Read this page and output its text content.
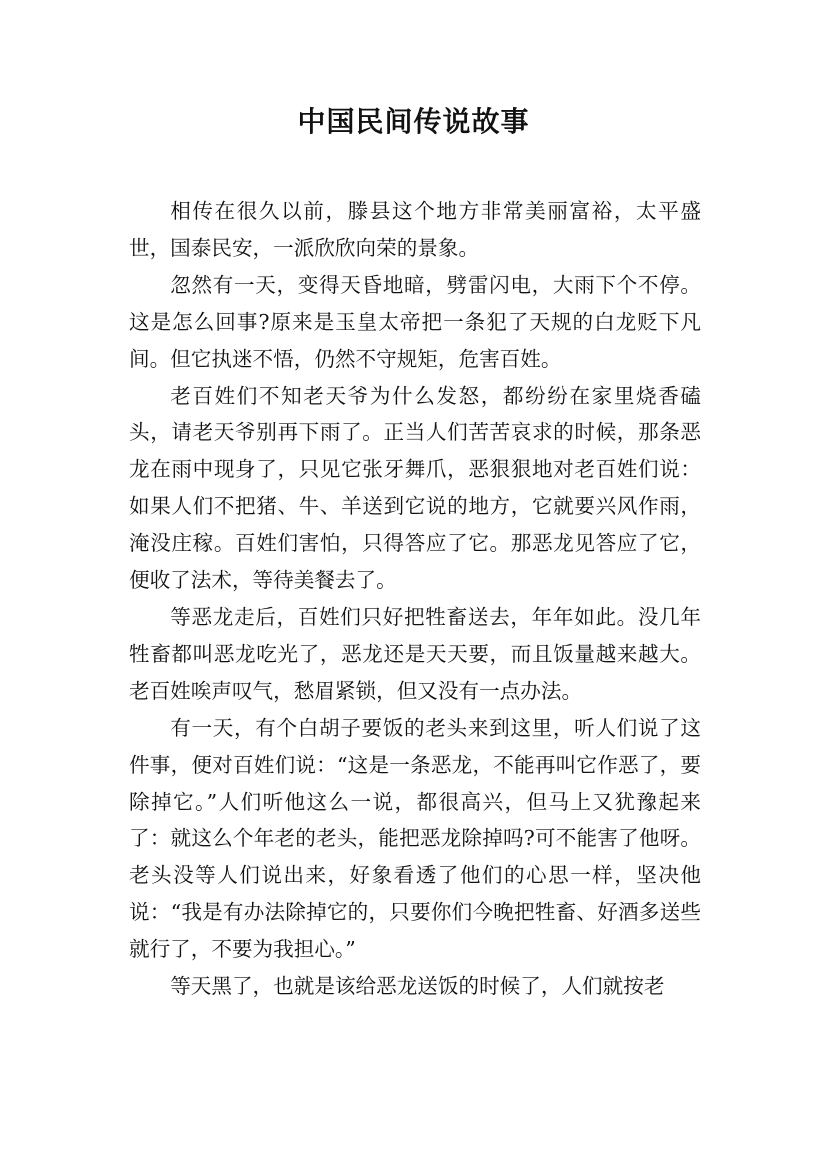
中国民间传说故事

相传在很久以前，滕县这个地方非常美丽富裕，太平盛世，国泰民安，一派欣欣向荣的景象。

忽然有一天，变得天昏地暗，劈雷闪电，大雨下个不停。这是怎么回事?原来是玉皇太帝把一条犯了天规的白龙贬下凡间。但它执迷不悟，仍然不守规矩，危害百姓。

老百姓们不知老天爷为什么发怒，都纷纷在家里烧香磕头，请老天爷别再下雨了。正当人们苦苦哀求的时候，那条恶龙在雨中现身了，只见它张牙舞爪，恶狠狠地对老百姓们说：如果人们不把猪、牛、羊送到它说的地方，它就要兴风作雨，淹没庄稼。百姓们害怕，只得答应了它。那恶龙见答应了它，便收了法术，等待美餐去了。

等恶龙走后，百姓们只好把牲畜送去，年年如此。没几年牲畜都叫恶龙吃光了，恶龙还是天天要，而且饭量越来越大。老百姓唉声叹气，愁眉紧锁，但又没有一点办法。

有一天，有个白胡子要饭的老头来到这里，听人们说了这件事，便对百姓们说：“这是一条恶龙，不能再叫它作恶了，要除掉它。”人们听他这么一说，都很高兴，但马上又犹豫起来了：就这么个年老的老头，能把恶龙除掉吗?可不能害了他呀。老头没等人们说出来，好象看透了他们的心思一样，坚决他说：“我是有办法除掉它的，只要你们今晚把牲畜、好酒多送些就行了，不要为我担心。”

等天黑了，也就是该给恶龙送饭的时候了，人们就按老
